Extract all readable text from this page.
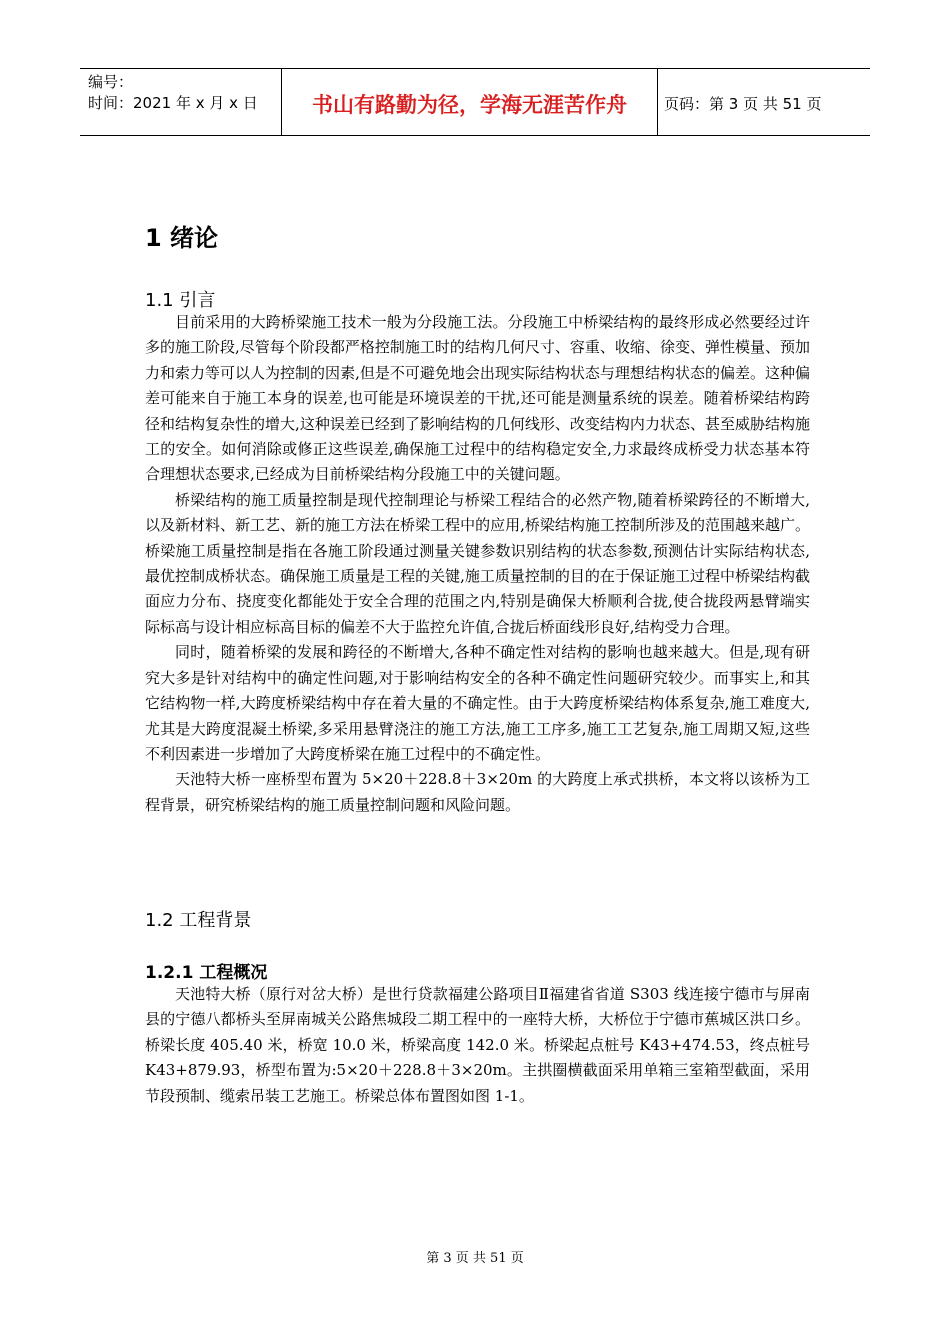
编号：
时间：2021 年 x 月 x 日	书山有路勤为径，学海无涯苦作舟	页码：第 3 页 共 51 页
1 绪论
1.1 引言

目前采用的大跨桥梁施工技术一般为分段施工法。分段施工中桥梁结构的最终形成必然要经过许多的施工阶段,尽管每个阶段都严格控制施工时的结构几何尺寸、容重、收缩、徐变、弹性模量、预加力和索力等可以人为控制的因素,但是不可避免地会出现实际结构状态与理想结构状态的偏差。这种偏差可能来自于施工本身的误差,也可能是环境误差的干扰,还可能是测量系统的误差。随着桥梁结构跨径和结构复杂性的增大,这种误差已经到了影响结构的几何线形、改变结构内力状态、甚至威胁结构施工的安全。如何消除或修正这些误差,确保施工过程中的结构稳定安全,力求最终成桥受力状态基本符合理想状态要求,已经成为目前桥梁结构分段施工中的关键问题。

桥梁结构的施工质量控制是现代控制理论与桥梁工程结合的必然产物,随着桥梁跨径的不断增大,以及新材料、新工艺、新的施工方法在桥梁工程中的应用,桥梁结构施工控制所涉及的范围越来越广。桥梁施工质量控制是指在各施工阶段通过测量关键参数识别结构的状态参数,预测估计实际结构状态,最优控制成桥状态。确保施工质量是工程的关键,施工质量控制的目的在于保证施工过程中桥梁结构截面应力分布、挠度变化都能处于安全合理的范围之内,特别是确保大桥顺利合拢,使合拢段两悬臂端实际标高与设计相应标高目标的偏差不大于监控允许值,合拢后桥面线形良好,结构受力合理。

同时，随着桥梁的发展和跨径的不断增大,各种不确定性对结构的影响也越来越大。但是,现有研究大多是针对结构中的确定性问题,对于影响结构安全的各种不确定性问题研究较少。而事实上,和其它结构物一样,大跨度桥梁结构中存在着大量的不确定性。由于大跨度桥梁结构体系复杂,施工难度大,尤其是大跨度混凝土桥梁,多采用悬臂浇注的施工方法,施工工序多,施工工艺复杂,施工周期又短,这些不利因素进一步增加了大跨度桥梁在施工过程中的不确定性。

天池特大桥一座桥型布置为 5×20＋228.8＋3×20m 的大跨度上承式拱桥，本文将以该桥为工程背景，研究桥梁结构的施工质量控制问题和风险问题。

1.2 工程背景
1.2.1 工程概况

天池特大桥（原行对岔大桥）是世行贷款福建公路项目Ⅱ福建省省道 S303 线连接宁德市与屏南县的宁德八都桥头至屏南城关公路焦城段二期工程中的一座特大桥，大桥位于宁德市蕉城区洪口乡。桥梁长度 405.40 米，桥宽 10.0 米，桥梁高度 142.0 米。桥梁起点桩号 K43+474.53，终点桩号 K43+879.93，桥型布置为:5×20＋228.8＋3×20m。主拱圈横截面采用单箱三室箱型截面，采用节段预制、缆索吊装工艺施工。桥梁总体布置图如图 1-1。

第 3 页 共 51 页
